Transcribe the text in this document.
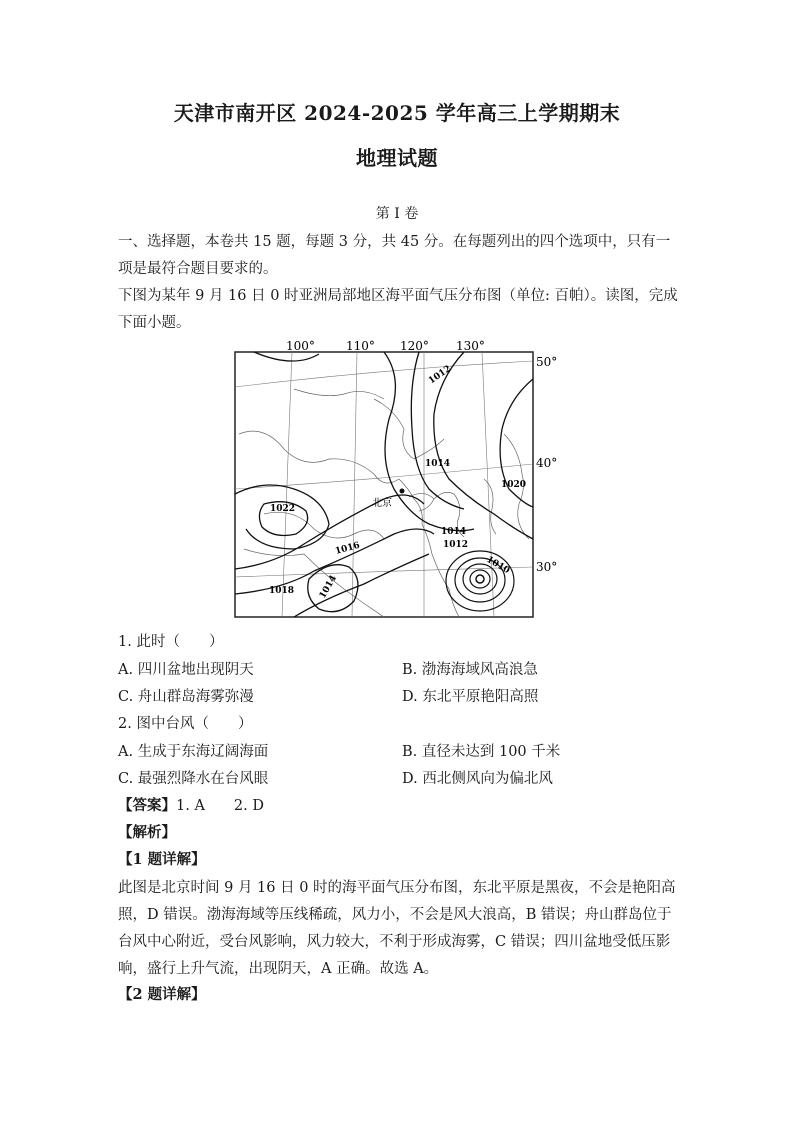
天津市南开区 2024-2025 学年高三上学期期末
地理试题
第 I 卷
一、选择题，本卷共 15 题，每题 3 分，共 45 分。在每题列出的四个选项中，只有一项是最符合题目要求的。
下图为某年 9 月 16 日 0 时亚洲局部地区海平面气压分布图（单位: 百帕）。读图，完成下面小题。
100°	110° 120° 130°
50°
40°
30°
1012
1014
1020
1022
1014
1012
1010
1016
1018	1014
北京
1. 此时（　　）
A. 四川盆地出现阴天	B. 渤海海域风高浪急
C. 舟山群岛海雾弥漫	D. 东北平原艳阳高照
2. 图中台风（　　）
A. 生成于东海辽阔海面	B. 直径未达到 100 千米
C. 最强烈降水在台风眼	D. 西北侧风向为偏北风
【答案】1. A　　2. D
【解析】
【1 题详解】
此图是北京时间 9 月 16 日 0 时的海平面气压分布图，东北平原是黑夜，不会是艳阳高照，D 错误。渤海海域等压线稀疏，风力小，不会是风大浪高，B 错误；舟山群岛位于台风中心附近，受台风影响，风力较大，不利于形成海雾，C 错误；四川盆地受低压影响，盛行上升气流，出现阴天，A 正确。故选 A。
【2 题详解】
